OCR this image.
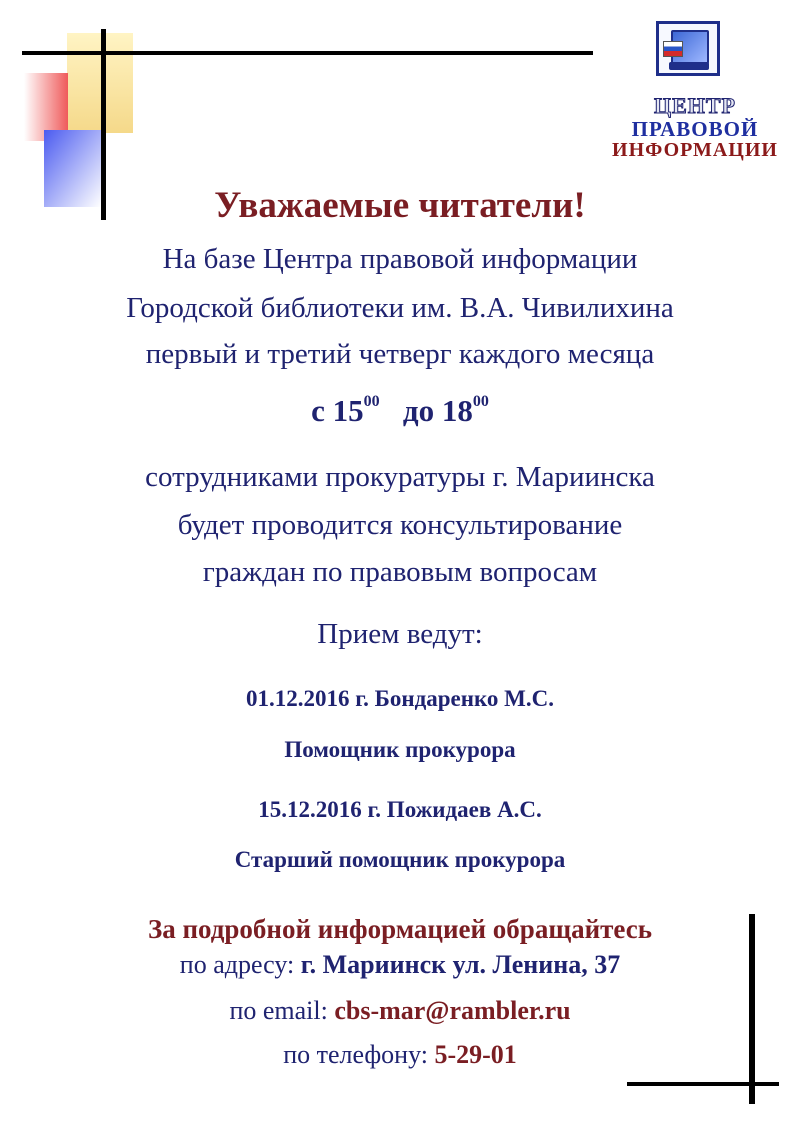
ЦЕНТР
ПРАВОВОЙ
ИНФОРМАЦИИ
Уважаемые читатели!
На базе Центра правовой информации
Городской библиотеки им. В.А. Чивилихина
первый и третий четверг каждого месяца
с $15^{00}$ до $18^{00}$
сотрудниками прокуратуры г. Мариинска
будет проводится консультирование
граждан по правовым вопросам
Прием ведут:
01.12.2016 г. Бондаренко М.С.
Помощник прокурора
15.12.2016 г. Пожидаев А.С.
Старший помощник прокурора
За подробной информацией обращайтесь
по адресу: г. Мариинск ул. Ленина, 37
по email: cbs-mar@rambler.ru
по телефону: 5-29-01
